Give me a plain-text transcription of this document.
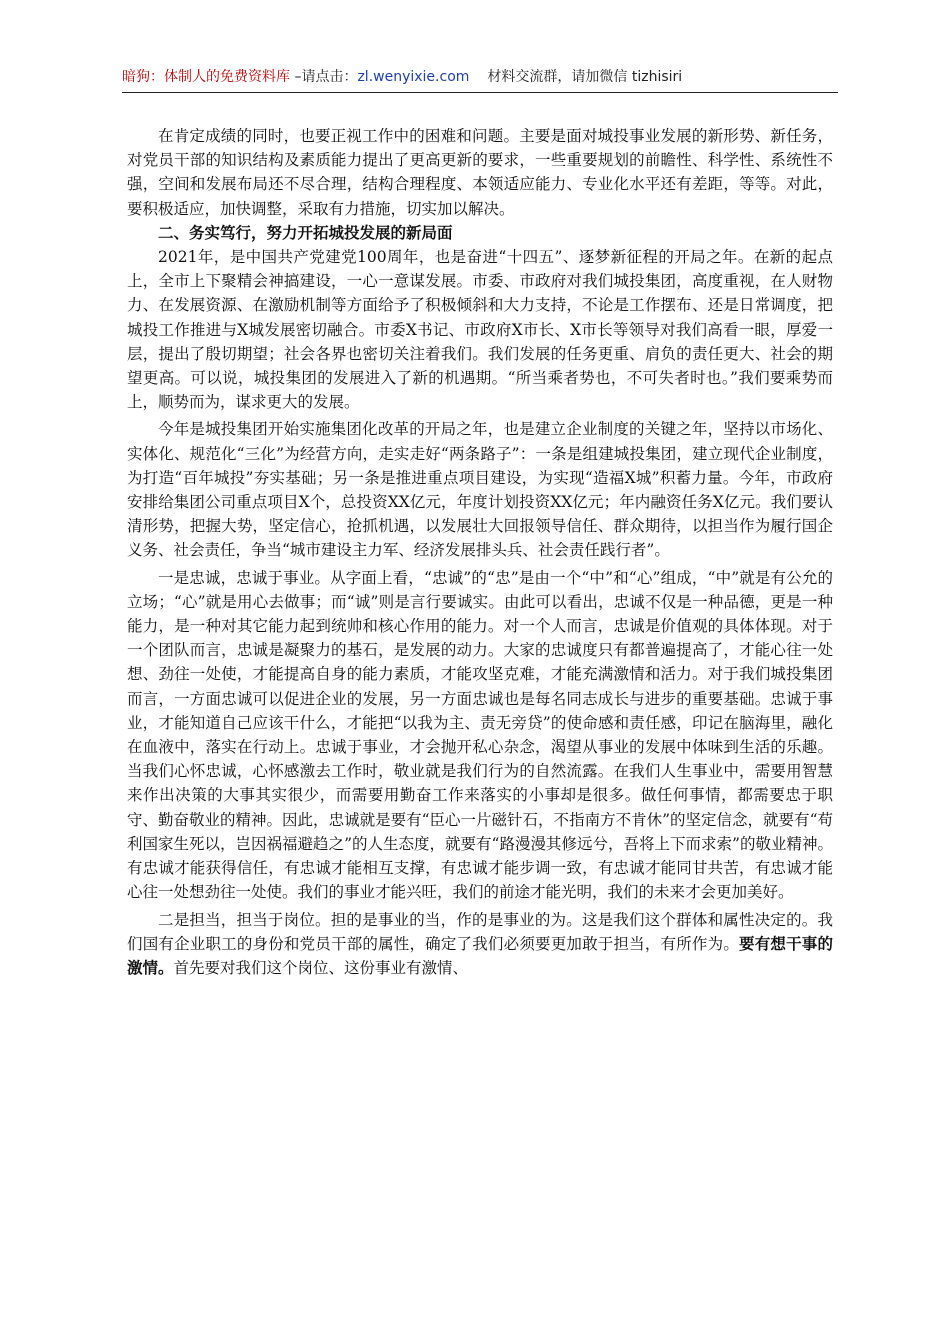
暗狗：体制人的免费资料库 –请点击：zl.wenyixie.com 材料交流群，请加微信 tizhisiri

在肯定成绩的同时，也要正视工作中的困难和问题。主要是面对城投事业发展的新形势、新任务，对党员干部的知识结构及素质能力提出了更高更新的要求，一些重要规划的前瞻性、科学性、系统性不强，空间和发展布局还不尽合理，结构合理程度、本领适应能力、专业化水平还有差距，等等。对此，要积极适应，加快调整，采取有力措施，切实加以解决。

二、务实笃行，努力开拓城投发展的新局面

2021年，是中国共产党建党100周年，也是奋进“十四五”、逐梦新征程的开局之年。在新的起点上，全市上下聚精会神搞建设，一心一意谋发展。市委、市政府对我们城投集团，高度重视，在人财物力、在发展资源、在激励机制等方面给予了积极倾斜和大力支持，不论是工作摆布、还是日常调度，把城投工作推进与X城发展密切融合。市委X书记、市政府X市长、X市长等领导对我们高看一眼，厚爱一层，提出了殷切期望；社会各界也密切关注着我们。我们发展的任务更重、肩负的责任更大、社会的期望更高。可以说，城投集团的发展进入了新的机遇期。“所当乘者势也，不可失者时也。”我们要乘势而上，顺势而为，谋求更大的发展。

今年是城投集团开始实施集团化改革的开局之年，也是建立企业制度的关键之年，坚持以市场化、实体化、规范化“三化”为经营方向，走实走好“两条路子”：一条是组建城投集团，建立现代企业制度，为打造“百年城投”夯实基础；另一条是推进重点项目建设，为实现“造福X城”积蓄力量。今年，市政府安排给集团公司重点项目X个，总投资XX亿元，年度计划投资XX亿元；年内融资任务X亿元。我们要认清形势，把握大势，坚定信心，抢抓机遇，以发展壮大回报领导信任、群众期待，以担当作为履行国企义务、社会责任，争当“城市建设主力军、经济发展排头兵、社会责任践行者”。

一是忠诚，忠诚于事业。从字面上看，“忠诚”的“忠”是由一个“中”和“心”组成，“中”就是有公允的立场；“心”就是用心去做事；而“诚”则是言行要诚实。由此可以看出，忠诚不仅是一种品德，更是一种能力，是一种对其它能力起到统帅和核心作用的能力。对一个人而言，忠诚是价值观的具体体现。对于一个团队而言，忠诚是凝聚力的基石，是发展的动力。大家的忠诚度只有都普遍提高了，才能心往一处想、劲往一处使，才能提高自身的能力素质，才能攻坚克难，才能充满激情和活力。对于我们城投集团而言，一方面忠诚可以促进企业的发展，另一方面忠诚也是每名同志成长与进步的重要基础。忠诚于事业，才能知道自己应该干什么，才能把“以我为主、责无旁贷”的使命感和责任感，印记在脑海里，融化在血液中，落实在行动上。忠诚于事业，才会抛开私心杂念，渴望从事业的发展中体味到生活的乐趣。当我们心怀忠诚，心怀感激去工作时，敬业就是我们行为的自然流露。在我们人生事业中，需要用智慧来作出决策的大事其实很少，而需要用勤奋工作来落实的小事却是很多。做任何事情，都需要忠于职守、勤奋敬业的精神。因此，忠诚就是要有“臣心一片磁针石，不指南方不肯休”的坚定信念，就要有“苟利国家生死以，岂因祸福避趋之”的人生态度，就要有“路漫漫其修远兮，吾将上下而求索”的敬业精神。有忠诚才能获得信任，有忠诚才能相互支撑，有忠诚才能步调一致，有忠诚才能同甘共苦，有忠诚才能心往一处想劲往一处使。我们的事业才能兴旺，我们的前途才能光明，我们的未来才会更加美好。

二是担当，担当于岗位。担的是事业的当，作的是事业的为。这是我们这个群体和属性决定的。我们国有企业职工的身份和党员干部的属性，确定了我们必须要更加敢于担当，有所作为。要有想干事的激情。首先要对我们这个岗位、这份事业有激情、
